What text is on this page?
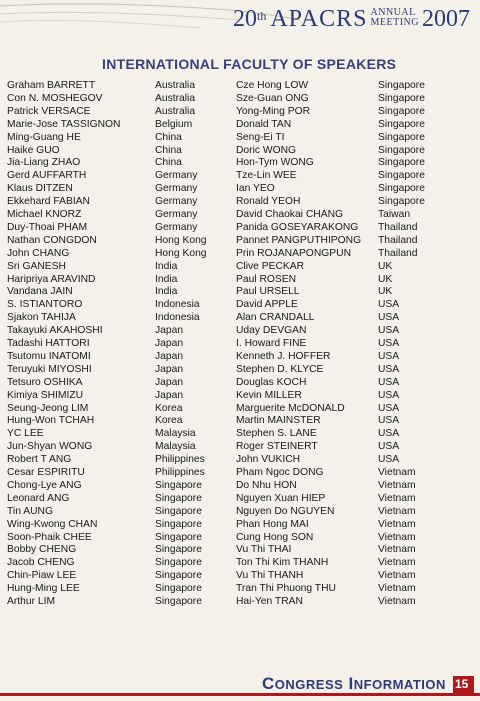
20th APACRS ANNUAL
MEETING 2007
INTERNATIONAL FACULTY OF SPEAKERS
Graham BARRETT	Australia
Con N. MOSHEGOV	Australia
Patrick VERSACE	Australia
Marie-Jose TASSIGNON	Belgium
Ming-Guang HE	China
Haike GUO	China
Jia-Liang ZHAO	China
Gerd AUFFARTH	Germany
Klaus DITZEN	Germany
Ekkehard FABIAN	Germany
Michael KNORZ	Germany
Duy-Thoai PHAM	Germany
Nathan CONGDON	Hong Kong
John CHANG	Hong Kong
Sri GANESH	India
Haripriya ARAVIND	India
Vandana JAIN	India
S. ISTIANTORO	Indonesia
Sjakon TAHIJA	Indonesia
Takayuki AKAHOSHI	Japan
Tadashi HATTORI	Japan
Tsutomu INATOMI	Japan
Teruyuki MIYOSHI	Japan
Tetsuro OSHIKA	Japan
Kimiya SHIMIZU	Japan
Seung-Jeong LIM	Korea
Hung-Won TCHAH	Korea
YC LEE	Malaysia
Jun-Shyan WONG	Malaysia
Robert T ANG	Philippines
Cesar ESPIRITU	Philippines
Chong-Lye ANG	Singapore
Leonard ANG	Singapore
Tin AUNG	Singapore
Wing-Kwong CHAN	Singapore
Soon-Phaik CHEE	Singapore
Bobby CHENG	Singapore
Jacob CHENG	Singapore
Chin-Piaw LEE	Singapore
Hung-Ming LEE	Singapore
Arthur LIM	Singapore
Cze Hong LOW	Singapore
Sze-Guan ONG	Singapore
Yong-Ming POR	Singapore
Donald TAN	Singapore
Seng-Ei TI	Singapore
Doric WONG	Singapore
Hon-Tym WONG	Singapore
Tze-Lin WEE	Singapore
Ian YEO	Singapore
Ronald YEOH	Singapore
David Chaokai CHANG	Taiwan
Panida GOSEYARAKONG Thailand
Pannet PANGPUTHIPONG Thailand
Prin ROJANAPONGPUN	Thailand
Clive PECKAR	UK
Paul ROSEN	UK
Paul URSELL	UK
David APPLE	USA
Alan CRANDALL	USA
Uday DEVGAN	USA
I. Howard FINE	USA
Kenneth J. HOFFER	USA
Stephen D. KLYCE	USA
Douglas KOCH	USA
Kevin MILLER	USA
Marguerite McDONALD	USA
Martin MAINSTER	USA
Stephen S. LANE	USA
Roger STEINERT	USA
John VUKICH	USA
Pham Ngoc DONG	Vietnam
Do Nhu HON	Vietnam
Nguyen Xuan HIEP	Vietnam
Nguyen Do NGUYEN	Vietnam
Phan Hong MAI	Vietnam
Cung Hong SON	Vietnam
Vu Thi THAI	Vietnam
Ton Thi Kim THANH	Vietnam
Vu Thi THANH	Vietnam
Tran Thi Phuong THU	Vietnam
Hai-Yen TRAN	Vietnam
CONGRESS INFORMATION 15
